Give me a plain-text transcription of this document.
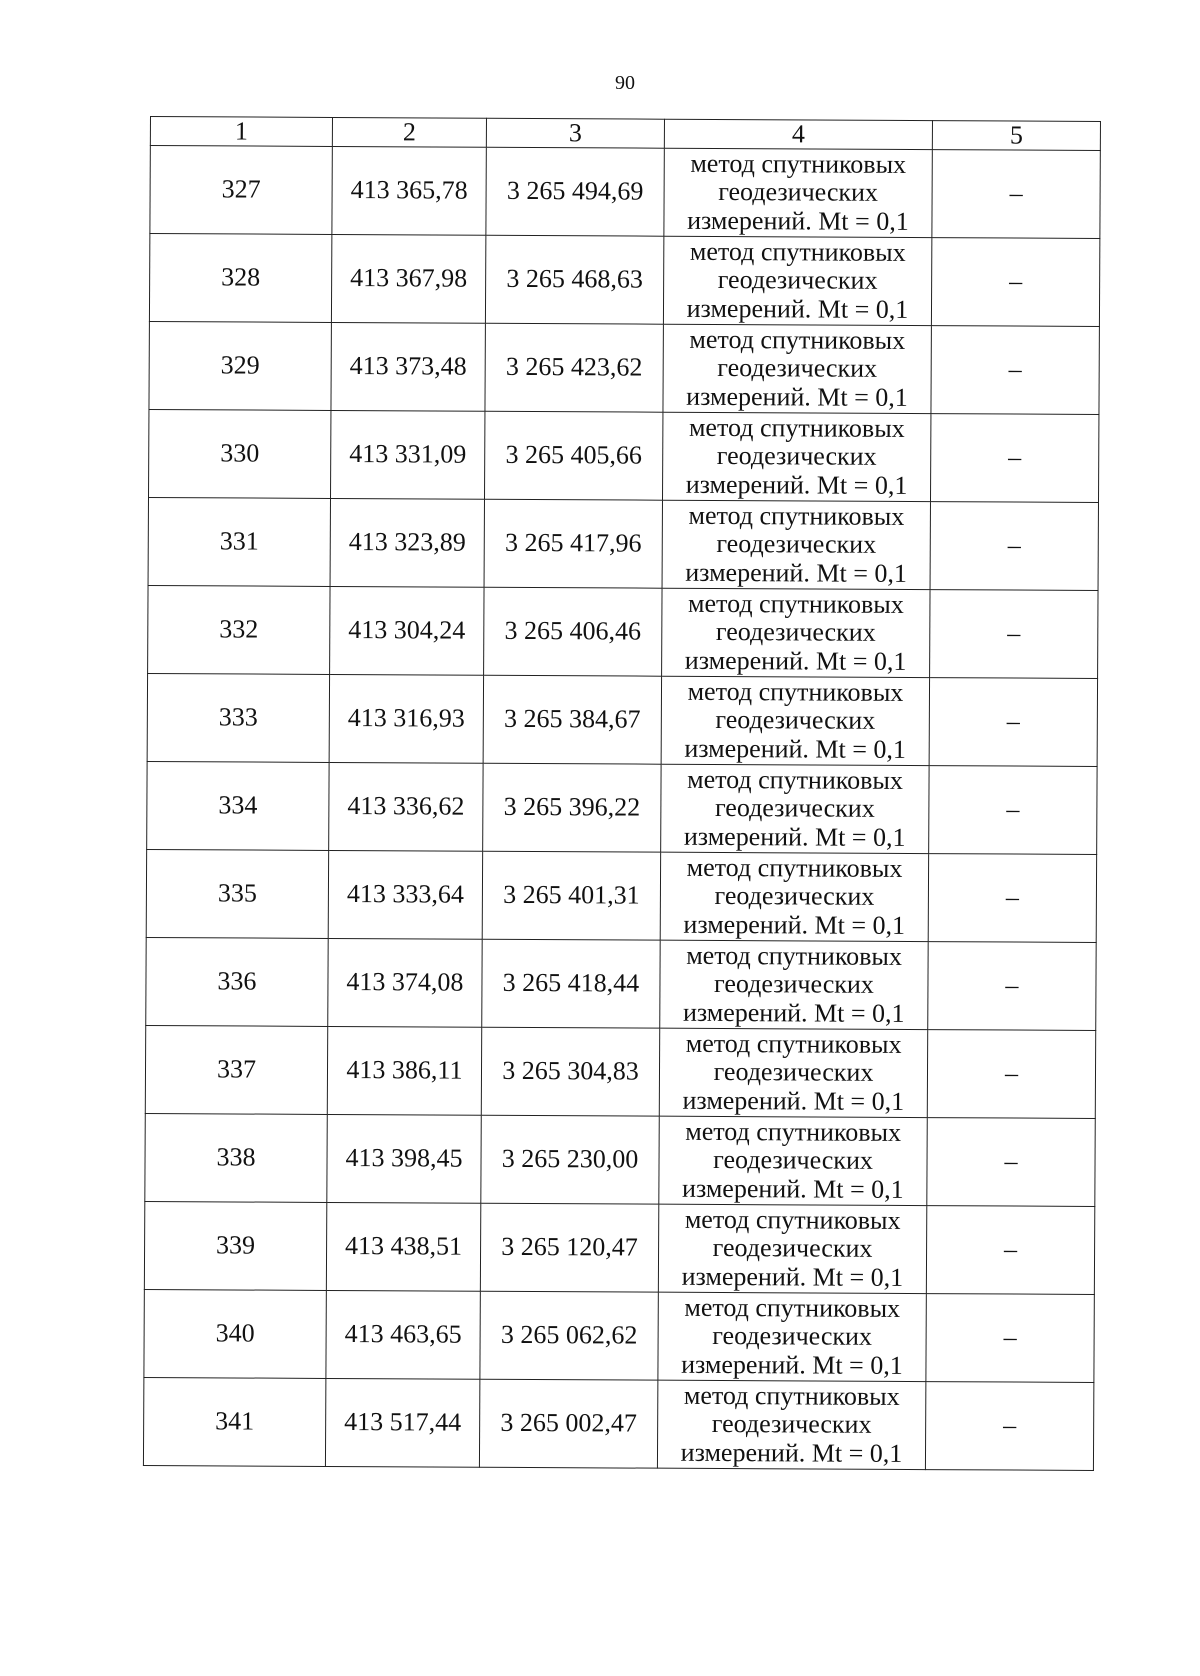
90
1	2	3	4	5
327	413 365,78	3 265 494,69	метод спутниковых
геодезических
измерений. Mt = 0,1	–
328	413 367,98	3 265 468,63	метод спутниковых
геодезических
измерений. Mt = 0,1	–
329	413 373,48	3 265 423,62	метод спутниковых
геодезических
измерений. Mt = 0,1	–
330	413 331,09	3 265 405,66	метод спутниковых
геодезических
измерений. Mt = 0,1	–
331	413 323,89	3 265 417,96	метод спутниковых
геодезических
измерений. Mt = 0,1	–
332	413 304,24	3 265 406,46	метод спутниковых
геодезических
измерений. Mt = 0,1	–
333	413 316,93	3 265 384,67	метод спутниковых
геодезических
измерений. Mt = 0,1	–
334	413 336,62	3 265 396,22	метод спутниковых
геодезических
измерений. Mt = 0,1	–
335	413 333,64	3 265 401,31	метод спутниковых
геодезических
измерений. Mt = 0,1	–
336	413 374,08	3 265 418,44	метод спутниковых
геодезических
измерений. Mt = 0,1	–
337	413 386,11	3 265 304,83	метод спутниковых
геодезических
измерений. Mt = 0,1	–
338	413 398,45	3 265 230,00	метод спутниковых
геодезических
измерений. Mt = 0,1	–
339	413 438,51	3 265 120,47	метод спутниковых
геодезических
измерений. Mt = 0,1	–
340	413 463,65	3 265 062,62	метод спутниковых
геодезических
измерений. Mt = 0,1	–
341	413 517,44	3 265 002,47	метод спутниковых
геодезических
измерений. Mt = 0,1	–
